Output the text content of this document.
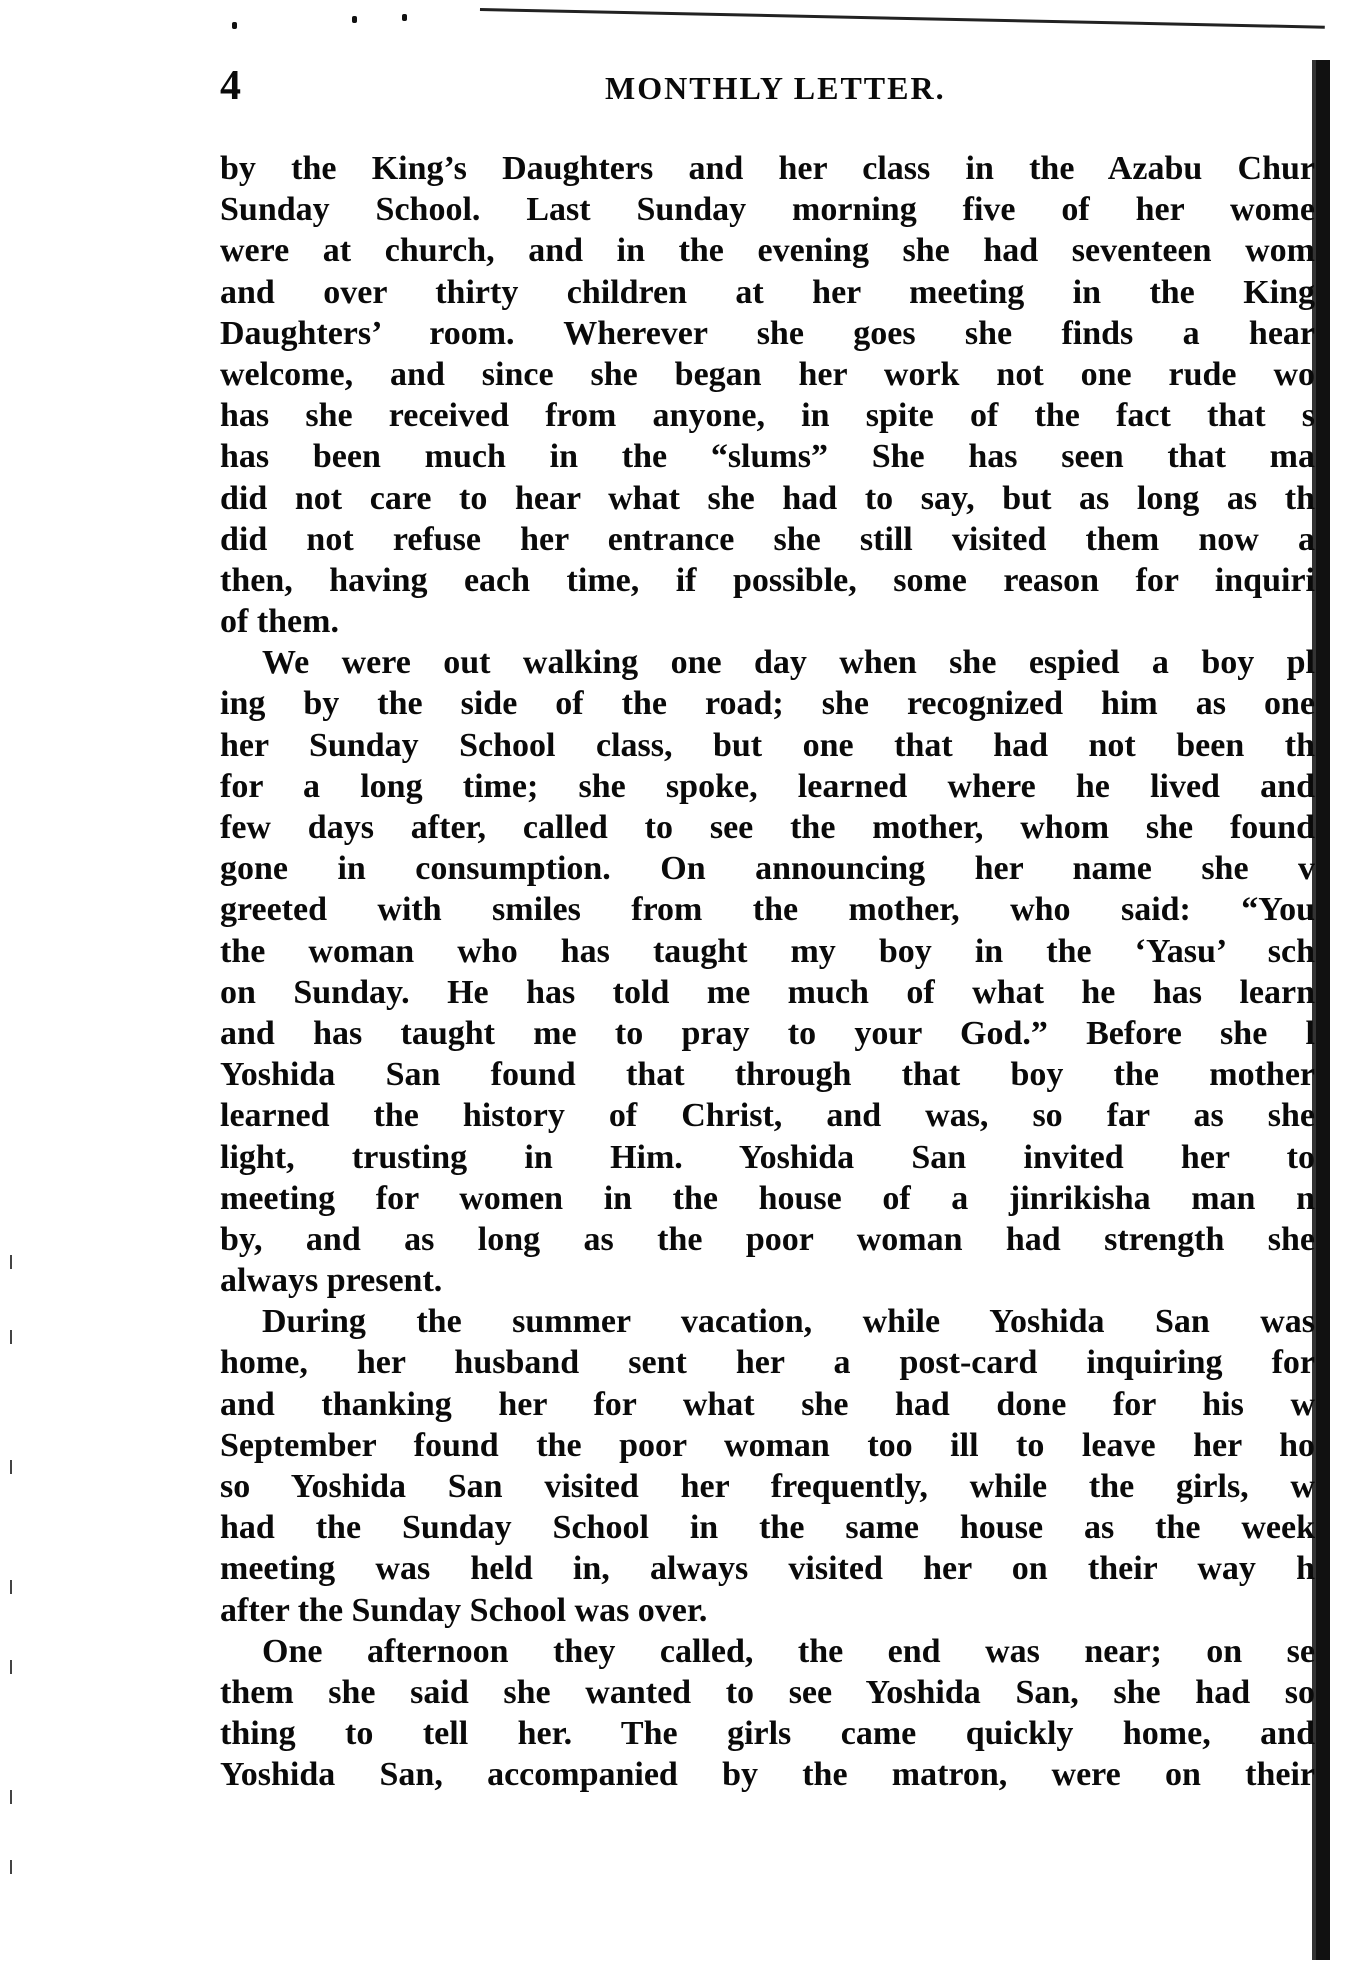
4	MONTHLY LETTER.
by the King’s Daughters and her class in the Azabu Chur
Sunday School. Last Sunday morning five of her wome
were at church, and in the evening she had seventeen wom
and over thirty children at her meeting in the King
Daughters’ room. Wherever she goes she finds a hear
welcome, and since she began her work not one rude wo
has she received from anyone, in spite of the fact that s
has been much in the “slums” She has seen that ma
did not care to hear what she had to say, but as long as th
did not refuse her entrance she still visited them now a
then, having each time, if possible, some reason for inquiri
of them.
We were out walking one day when she espied a boy pl
ing by the side of the road; she recognized him as one
her Sunday School class, but one that had not been th
for a long time; she spoke, learned where he lived and
few days after, called to see the mother, whom she found
gone in consumption. On announcing her name she v
greeted with smiles from the mother, who said: “You
the woman who has taught my boy in the ‘Yasu’ sch
on Sunday. He has told me much of what he has learn
and has taught me to pray to your God.” Before she l
Yoshida San found that through that boy the mother
learned the history of Christ, and was, so far as she
light, trusting in Him. Yoshida San invited her to
meeting for women in the house of a jinrikisha man n
by, and as long as the poor woman had strength she
always present.
During the summer vacation, while Yoshida San was
home, her husband sent her a post-card inquiring for
and thanking her for what she had done for his w
September found the poor woman too ill to leave her ho
so Yoshida San visited her frequently, while the girls, w
had the Sunday School in the same house as the week
meeting was held in, always visited her on their way h
after the Sunday School was over.
One afternoon they called, the end was near; on se
them she said she wanted to see Yoshida San, she had so
thing to tell her. The girls came quickly home, and
Yoshida San, accompanied by the matron, were on their
